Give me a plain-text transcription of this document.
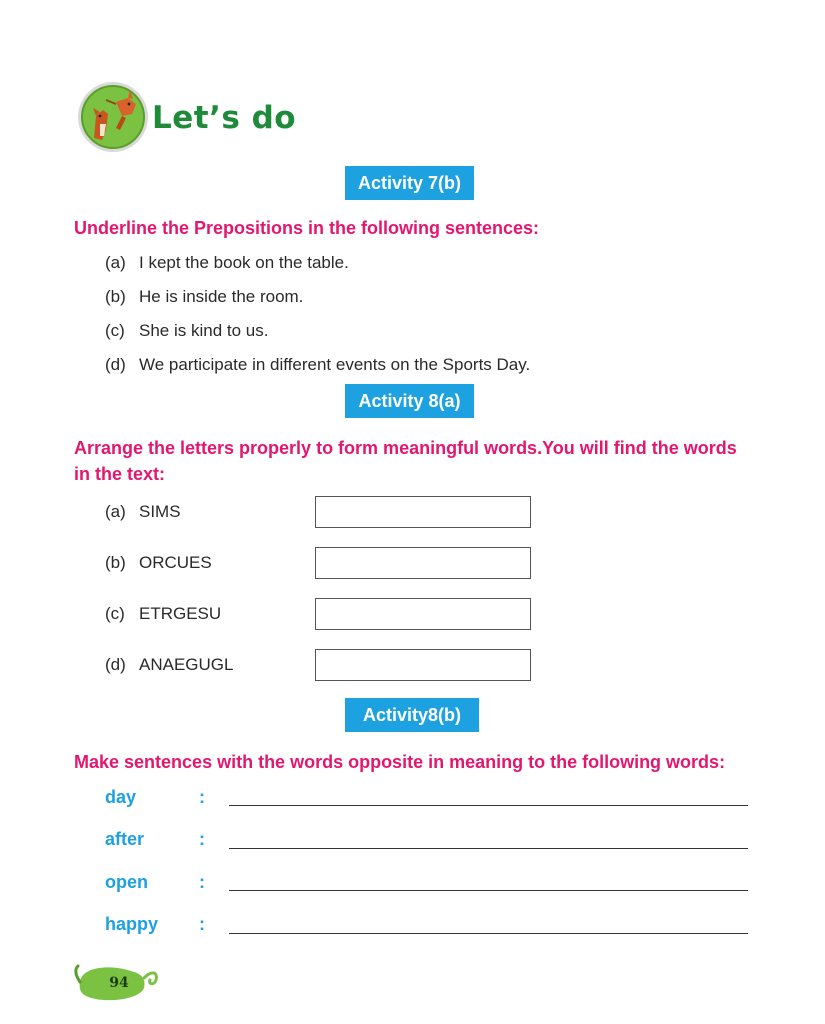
Let’s do
Activity 7(b)
Underline the Prepositions in the following sentences:
(a) I kept the book on the table.
(b) He is inside the room.
(c) She is kind to us.
(d) We participate in different events on the Sports Day.
Activity 8(a)
Arrange the letters properly to form meaningful words.You will find the words
in the text:
(a) SIMS
(b) ORCUES
(c) ETRGESU
(d) ANAEGUGL
Activity8(b)
Make sentences with the words opposite in meaning to the following words:
day	:
after	:
open	:
happy :
94
